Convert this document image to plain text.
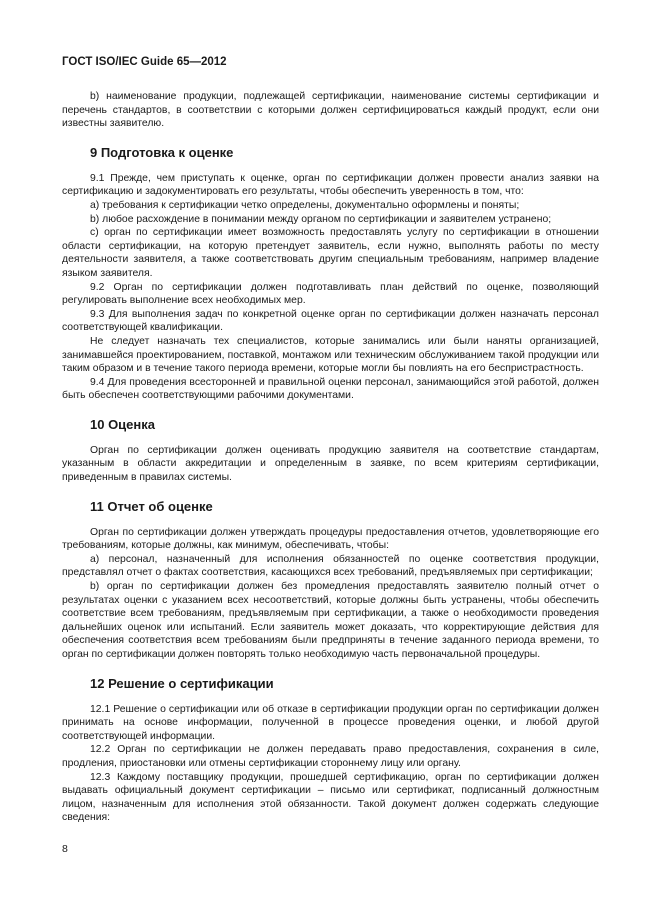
ГОСТ ISO/IEC Guide 65—2012

b) наименование продукции, подлежащей сертификации, наименование системы сертификации и перечень стандартов, в соответствии с которыми должен сертифицироваться каждый продукт, если они известны заявителю.

9 Подготовка к оценке

9.1 Прежде, чем приступать к оценке, орган по сертификации должен провести анализ заявки на сертификацию и задокументировать его результаты, чтобы обеспечить уверенность в том, что:

а) требования к сертификации четко определены, документально оформлены и поняты;

b) любое расхождение в понимании между органом по сертификации и заявителем устранено;

с) орган по сертификации имеет возможность предоставлять услугу по сертификации в отношении области сертификации, на которую претендует заявитель, если нужно, выполнять работы по месту деятельности заявителя, а также соответствовать другим специальным требованиям, например владение языком заявителя.

9.2 Орган по сертификации должен подготавливать план действий по оценке, позволяющий регулировать выполнение всех необходимых мер.

9.3 Для выполнения задач по конкретной оценке орган по сертификации должен назначать персонал соответствующей квалификации.

Не следует назначать тех специалистов, которые занимались или были наняты организацией, занимавшейся проектированием, поставкой, монтажом или техническим обслуживанием такой продукции или таким образом и в течение такого периода времени, которые могли бы повлиять на его беспристрастность.

9.4 Для проведения всесторонней и правильной оценки персонал, занимающийся этой работой, должен быть обеспечен соответствующими рабочими документами.

10 Оценка

Орган по сертификации должен оценивать продукцию заявителя на соответствие стандартам, указанным в области аккредитации и определенным в заявке, по всем критериям сертификации, приведенным в правилах системы.

11 Отчет об оценке

Орган по сертификации должен утверждать процедуры предоставления отчетов, удовлетворяющие его требованиям, которые должны, как минимум, обеспечивать, чтобы:

а) персонал, назначенный для исполнения обязанностей по оценке соответствия продукции, представлял отчет о фактах соответствия, касающихся всех требований, предъявляемых при сертификации;

b) орган по сертификации должен без промедления предоставлять заявителю полный отчет о результатах оценки с указанием всех несоответствий, которые должны быть устранены, чтобы обеспечить соответствие всем требованиям, предъявляемым при сертификации, а также о необходимости проведения дальнейших оценок или испытаний. Если заявитель может доказать, что корректирующие действия для обеспечения соответствия всем требованиям были предприняты в течение заданного периода времени, то орган по сертификации должен повторять только необходимую часть первоначальной процедуры.

12 Решение о сертификации

12.1 Решение о сертификации или об отказе в сертификации продукции орган по сертификации должен принимать на основе информации, полученной в процессе проведения оценки, и любой другой соответствующей информации.

12.2 Орган по сертификации не должен передавать право предоставления, сохранения в силе, продления, приостановки или отмены сертификации стороннему лицу или органу.

12.3 Каждому поставщику продукции, прошедшей сертификацию, орган по сертификации должен выдавать официальный документ сертификации – письмо или сертификат, подписанный должностным лицом, назначенным для исполнения этой обязанности. Такой документ должен содержать следующие сведения:

8
